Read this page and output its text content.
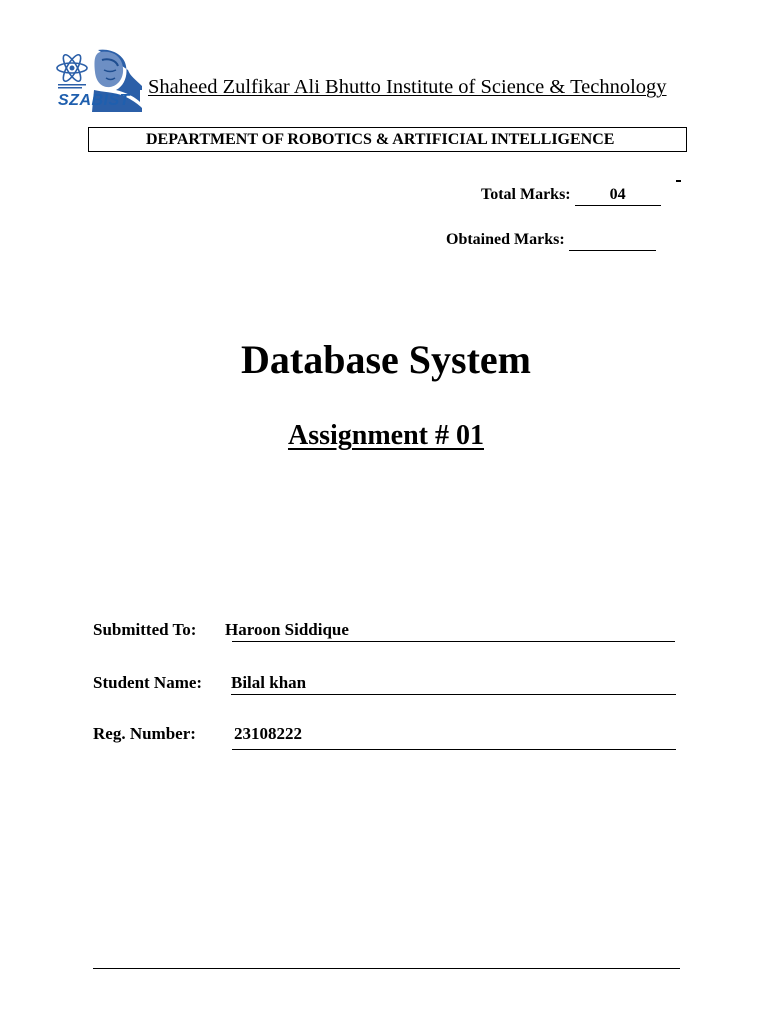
SZABIST
Shaheed Zulfikar Ali Bhutto Institute of Science & Technology
DEPARTMENT OF ROBOTICS & ARTIFICIAL INTELLIGENCE
Total Marks: 04
Obtained Marks:
Database System
Assignment # 01
Submitted To: Haroon Siddique
Student Name: Bilal khan
Reg. Number: 23108222
